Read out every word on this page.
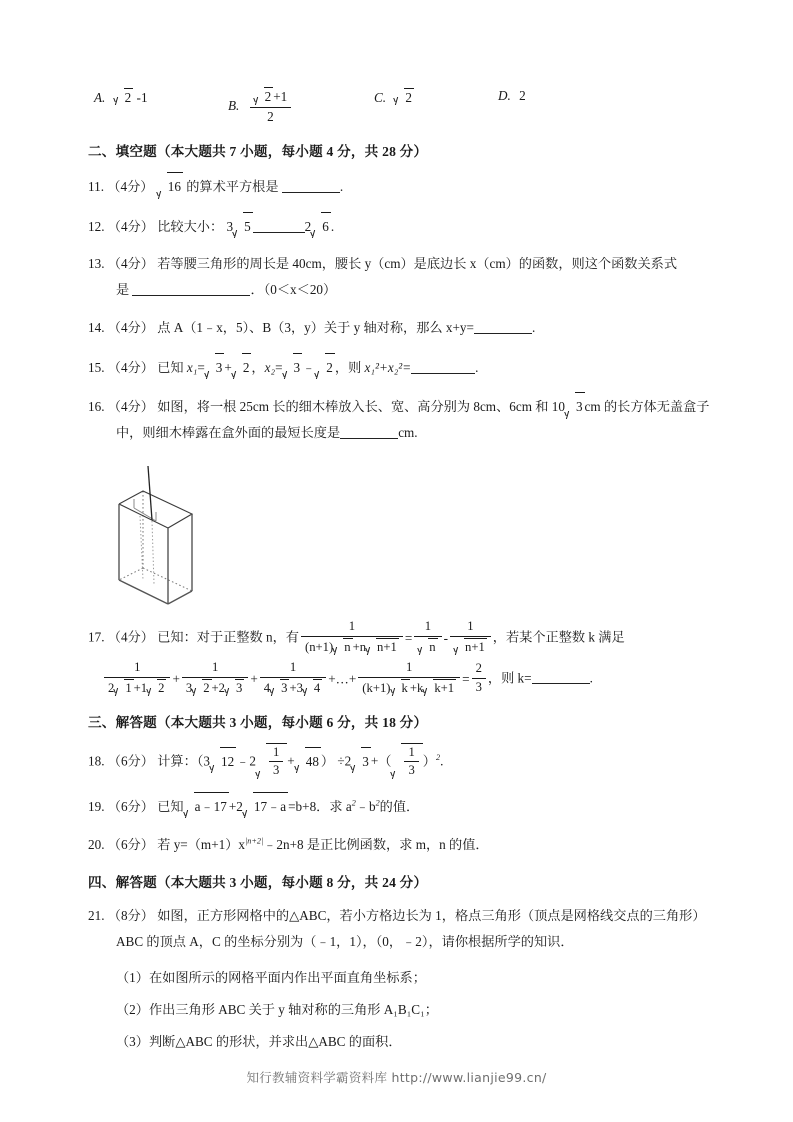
A. 2 -1
B. $\frac{2 +1}{2}$	C. 2	D. 2
二、填空题（本大题共 7 小题，每小题 4 分，共 28 分）
11. （4分） 16 的算术平方根是	.
12. （4分） 比较大小： 3 5	2 6 .
13. （4分） 若等腰三角形的周长是 40cm，腰长 y（cm）是底边长 x（cm）的函数，则这个函数关系式
是	．（0＜x＜20）
14. （4分） 点 A（1﹣x，5）、B（3，y）关于 y 轴对称，那么 x+y=	.
15. （4分） 已知 x₁= 3 + 2 ，x₂= 3 ﹣ 2 ，则 x₁²+x₂²=	.
16. （4分） 如图，将一根 25cm 长的细木棒放入长、宽、高分别为 8cm、6cm 和 10 3 cm 的长方体无盖盒子
中，则细木棒露在盒外面的最短长度是	cm.
17. （4分） 已知：对于正整数 n，有 $\frac{1}{\text{(n+1) n +n n+1}} = \frac{1}{n} - \frac{1}{n+1}$ ，若某个正整数 k 满足
$\frac{1}{2 1 +1 2} + \frac{1}{3 2 +2 3} + \frac{1}{4 3 +3 4}$ +…+ $\frac{1}{\text{(k+1) k +k k+1}} = \frac{2}{3}$ ，则 k=	.
三、解答题（本大题共 3 小题，每小题 6 分，共 18 分）
18. （6分） 计算：（3 12 ﹣2 $\frac{1}{3} + 48$ ） ÷2 3 +（ $\frac{1}{3} )^2$.
19. （6分） 已知 a﹣17 +2 17﹣a =b+8．求 $a^2﹣b^2$的值．
20. （6分） 若 $y=(m+1)x^{|n+2|}﹣2n+8$ 是正比例函数，求 m，n 的值．
四、解答题（本大题共 3 小题，每小题 8 分，共 24 分）
21. （8分） 如图，正方形网格中的△ABC，若小方格边长为 1，格点三角形（顶点是网格线交点的三角形）
ABC 的顶点 A，C 的坐标分别为（﹣1，1），（0，﹣2），请你根据所学的知识．
（1）在如图所示的网格平面内作出平面直角坐标系；
（2）作出三角形 ABC 关于 y 轴对称的三角形 A₁B₁C₁；
（3）判断△ABC 的形状，并求出△ABC 的面积．
知行教辅资料学霸资料库 http://www.lianjie99.cn/
